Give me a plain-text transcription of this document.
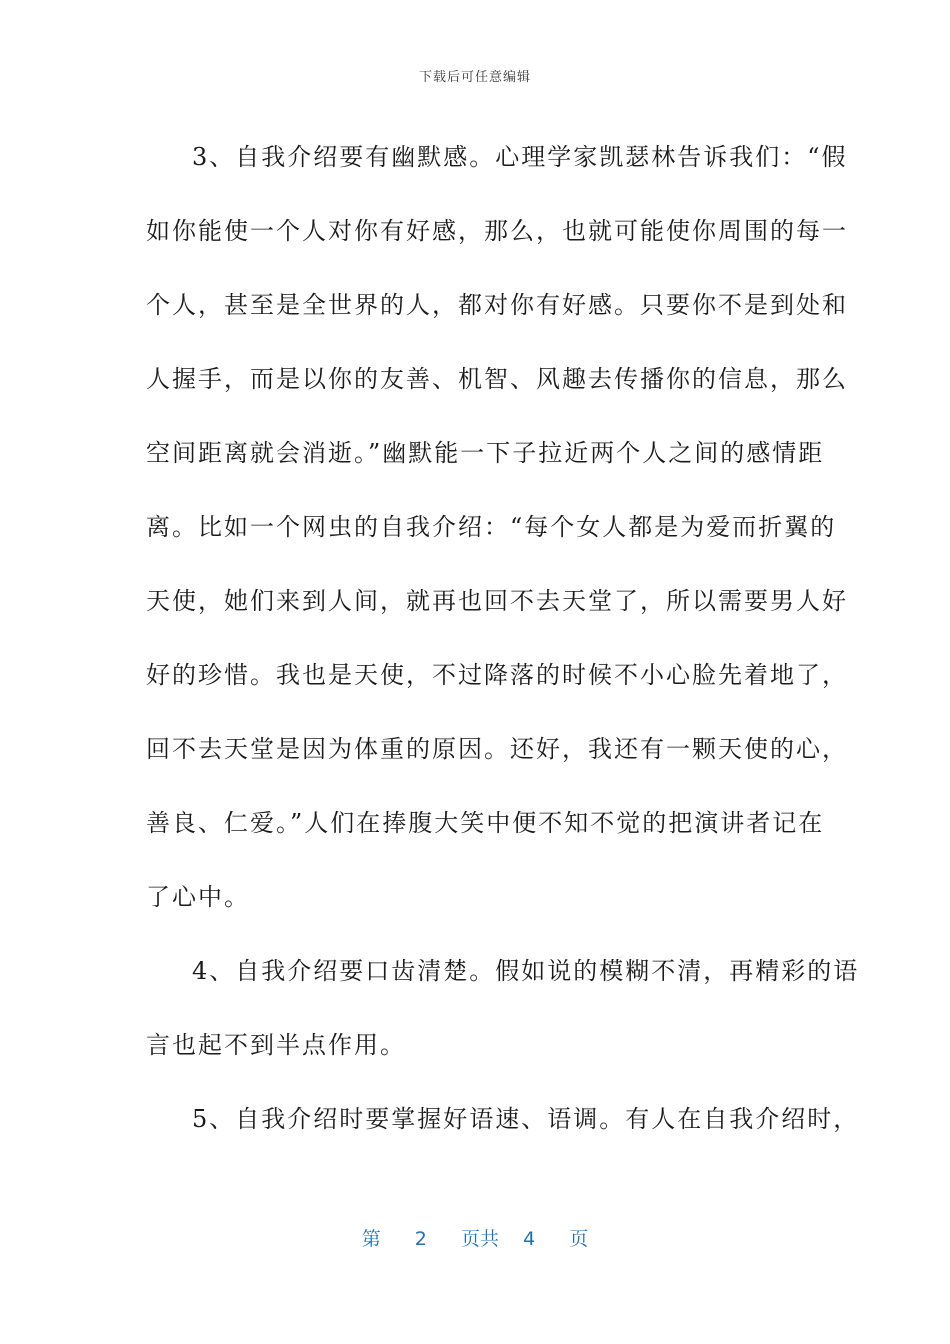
下载后可任意编辑
3、自我介绍要有幽默感。心理学家凯瑟林告诉我们：“假
如你能使一个人对你有好感，那么，也就可能使你周围的每一
个人，甚至是全世界的人，都对你有好感。只要你不是到处和
人握手，而是以你的友善、机智、风趣去传播你的信息，那么
空间距离就会消逝。”幽默能一下子拉近两个人之间的感情距
离。比如一个网虫的自我介绍：“每个女人都是为爱而折翼的
天使，她们来到人间，就再也回不去天堂了，所以需要男人好
好的珍惜。我也是天使，不过降落的时候不小心脸先着地了，
回不去天堂是因为体重的原因。还好，我还有一颗天使的心，
善良、仁爱。”人们在捧腹大笑中便不知不觉的把演讲者记在
了心中。
4、自我介绍要口齿清楚。假如说的模糊不清，再精彩的语
言也起不到半点作用。
5、自我介绍时要掌握好语速、语调。有人在自我介绍时，
第 2 页共 4 页
